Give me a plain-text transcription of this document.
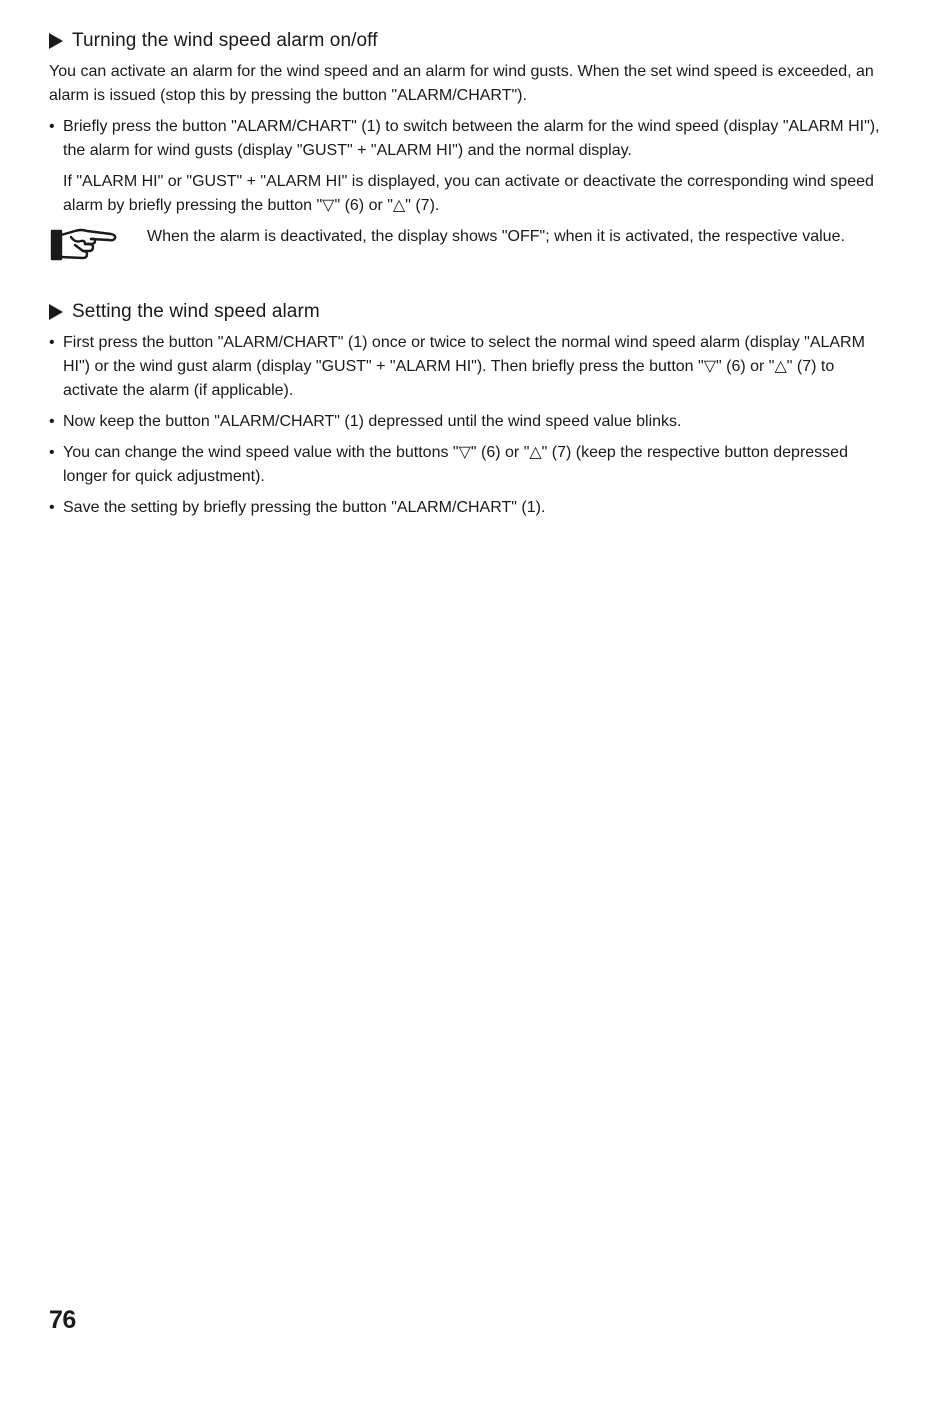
Turning the wind speed alarm on/off

You can activate an alarm for the wind speed and an alarm for wind gusts. When the set wind speed is exceeded, an alarm is issued (stop this by pressing the button "ALARM/CHART").

• Briefly press the button "ALARM/CHART" (1) to switch between the alarm for the wind speed (display "ALARM HI"), the alarm for wind gusts (display "GUST" + "ALARM HI") and the normal display.

If "ALARM HI" or "GUST" + "ALARM HI" is displayed, you can activate or deactivate the corresponding wind speed alarm by briefly pressing the button "▽" (6) or "△" (7).

When the alarm is deactivated, the display shows "OFF"; when it is activated, the respective value.
Setting the wind speed alarm
• First press the button "ALARM/CHART" (1) once or twice to select the normal wind speed alarm (display "ALARM HI") or the wind gust alarm (display "GUST" + "ALARM HI"). Then briefly press the button "▽" (6) or "△" (7) to activate the alarm (if applicable).
• Now keep the button "ALARM/CHART" (1) depressed until the wind speed value blinks.
• You can change the wind speed value with the buttons "▽" (6) or "△" (7) (keep the respective button depressed longer for quick adjustment).
• Save the setting by briefly pressing the button "ALARM/CHART" (1).
76
